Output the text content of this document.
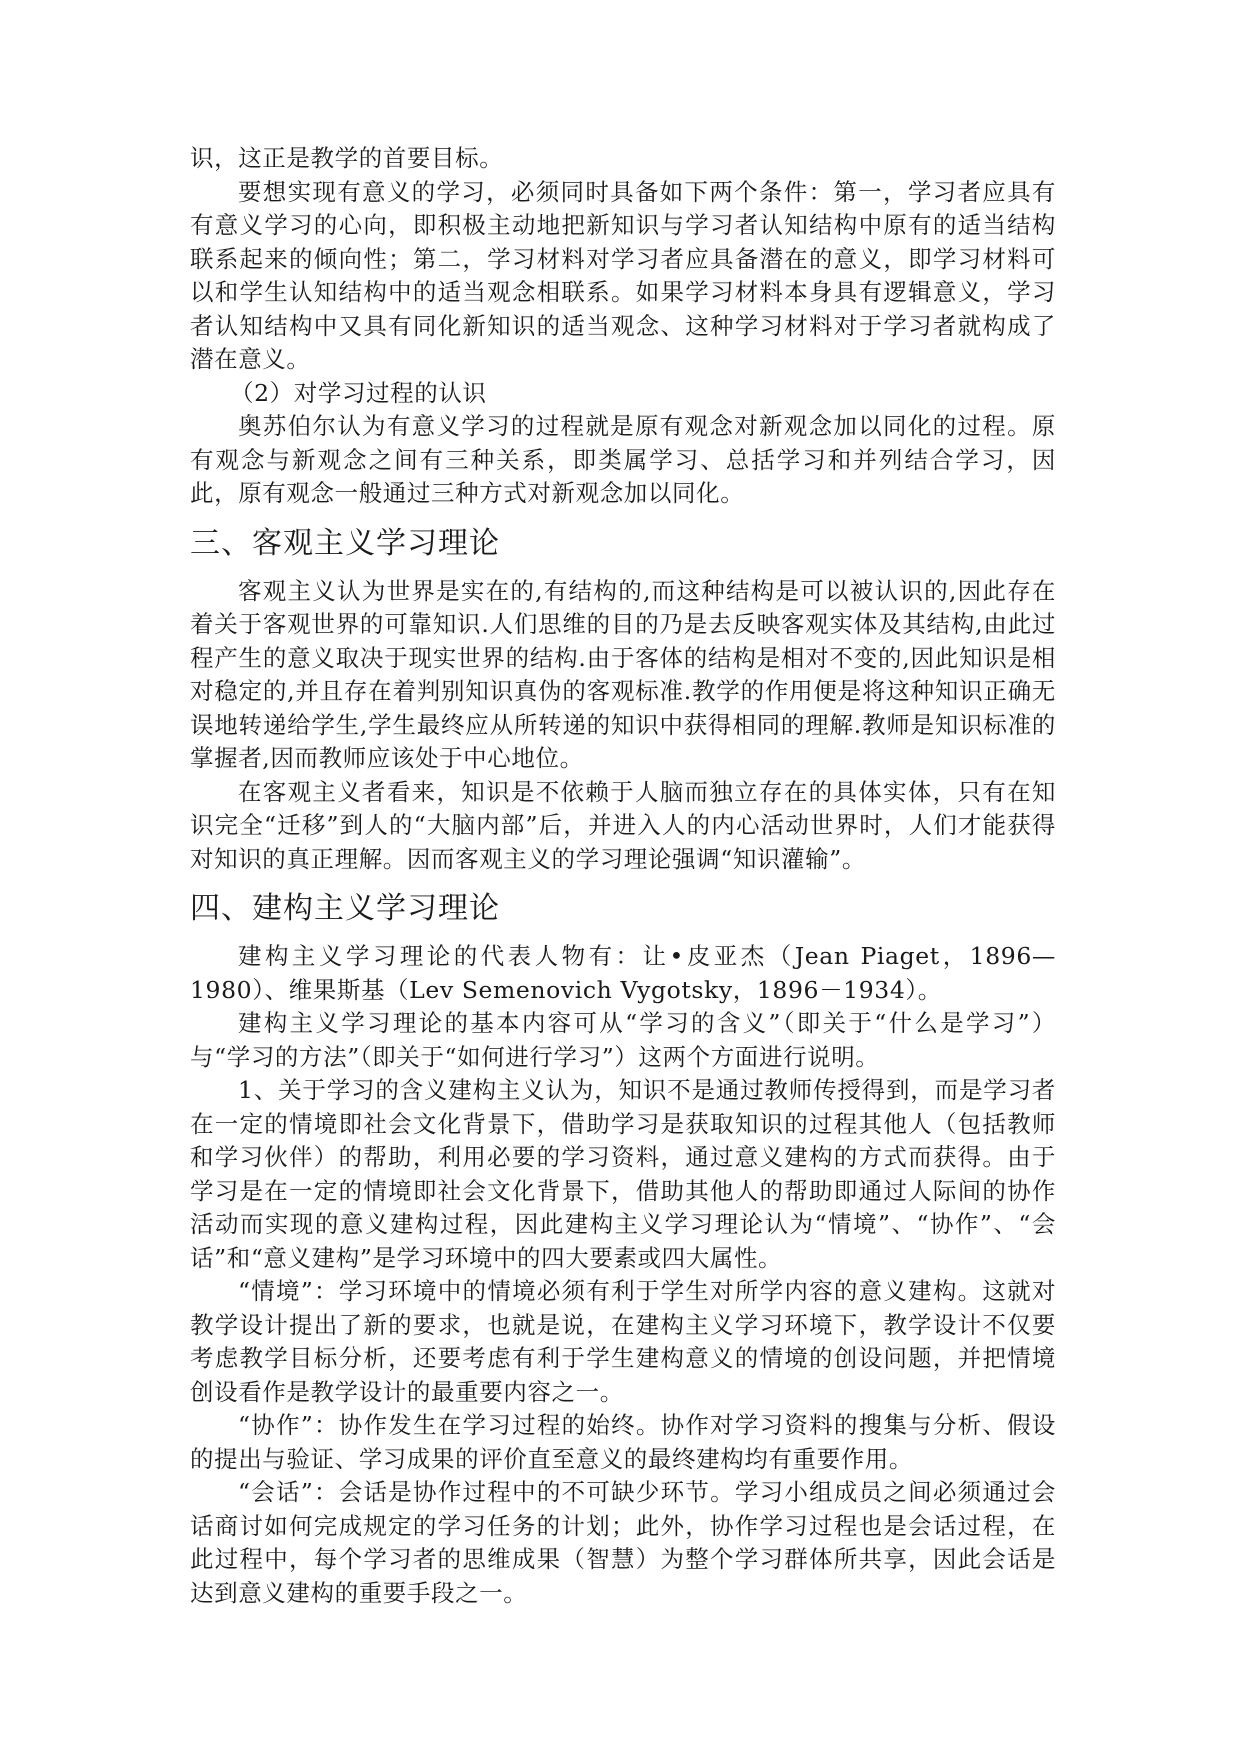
识，这正是教学的首要目标。

要想实现有意义的学习，必须同时具备如下两个条件：第一，学习者应具有有意义学习的心向，即积极主动地把新知识与学习者认知结构中原有的适当结构联系起来的倾向性；第二，学习材料对学习者应具备潜在的意义，即学习材料可以和学生认知结构中的适当观念相联系。如果学习材料本身具有逻辑意义，学习者认知结构中又具有同化新知识的适当观念、这种学习材料对于学习者就构成了潜在意义。

（2）对学习过程的认识

奥苏伯尔认为有意义学习的过程就是原有观念对新观念加以同化的过程。原有观念与新观念之间有三种关系，即类属学习、总括学习和并列结合学习，因此，原有观念一般通过三种方式对新观念加以同化。

三、客观主义学习理论

客观主义认为世界是实在的,有结构的,而这种结构是可以被认识的,因此存在着关于客观世界的可靠知识.人们思维的目的乃是去反映客观实体及其结构,由此过程产生的意义取决于现实世界的结构.由于客体的结构是相对不变的,因此知识是相对稳定的,并且存在着判别知识真伪的客观标准.教学的作用便是将这种知识正确无误地转递给学生,学生最终应从所转递的知识中获得相同的理解.教师是知识标准的掌握者,因而教师应该处于中心地位。

在客观主义者看来，知识是不依赖于人脑而独立存在的具体实体，只有在知识完全“迁移”到人的“大脑内部”后，并进入人的内心活动世界时，人们才能获得对知识的真正理解。因而客观主义的学习理论强调“知识灌输”。

四、建构主义学习理论

建构主义学习理论的代表人物有：让•皮亚杰（Jean Piaget，1896—1980）、维果斯基（Lev Semenovich Vygotsky，1896－1934）。

建构主义学习理论的基本内容可从“学习的含义”（即关于“什么是学习”）与“学习的方法”（即关于“如何进行学习”）这两个方面进行说明。

1、关于学习的含义建构主义认为，知识不是通过教师传授得到，而是学习者在一定的情境即社会文化背景下，借助学习是获取知识的过程其他人（包括教师和学习伙伴）的帮助，利用必要的学习资料，通过意义建构的方式而获得。由于学习是在一定的情境即社会文化背景下，借助其他人的帮助即通过人际间的协作活动而实现的意义建构过程，因此建构主义学习理论认为“情境”、“协作”、“会话”和“意义建构”是学习环境中的四大要素或四大属性。

“情境”：学习环境中的情境必须有利于学生对所学内容的意义建构。这就对教学设计提出了新的要求，也就是说，在建构主义学习环境下，教学设计不仅要考虑教学目标分析，还要考虑有利于学生建构意义的情境的创设问题，并把情境创设看作是教学设计的最重要内容之一。

“协作”：协作发生在学习过程的始终。协作对学习资料的搜集与分析、假设的提出与验证、学习成果的评价直至意义的最终建构均有重要作用。

“会话”：会话是协作过程中的不可缺少环节。学习小组成员之间必须通过会话商讨如何完成规定的学习任务的计划；此外，协作学习过程也是会话过程，在此过程中，每个学习者的思维成果（智慧）为整个学习群体所共享，因此会话是达到意义建构的重要手段之一。
